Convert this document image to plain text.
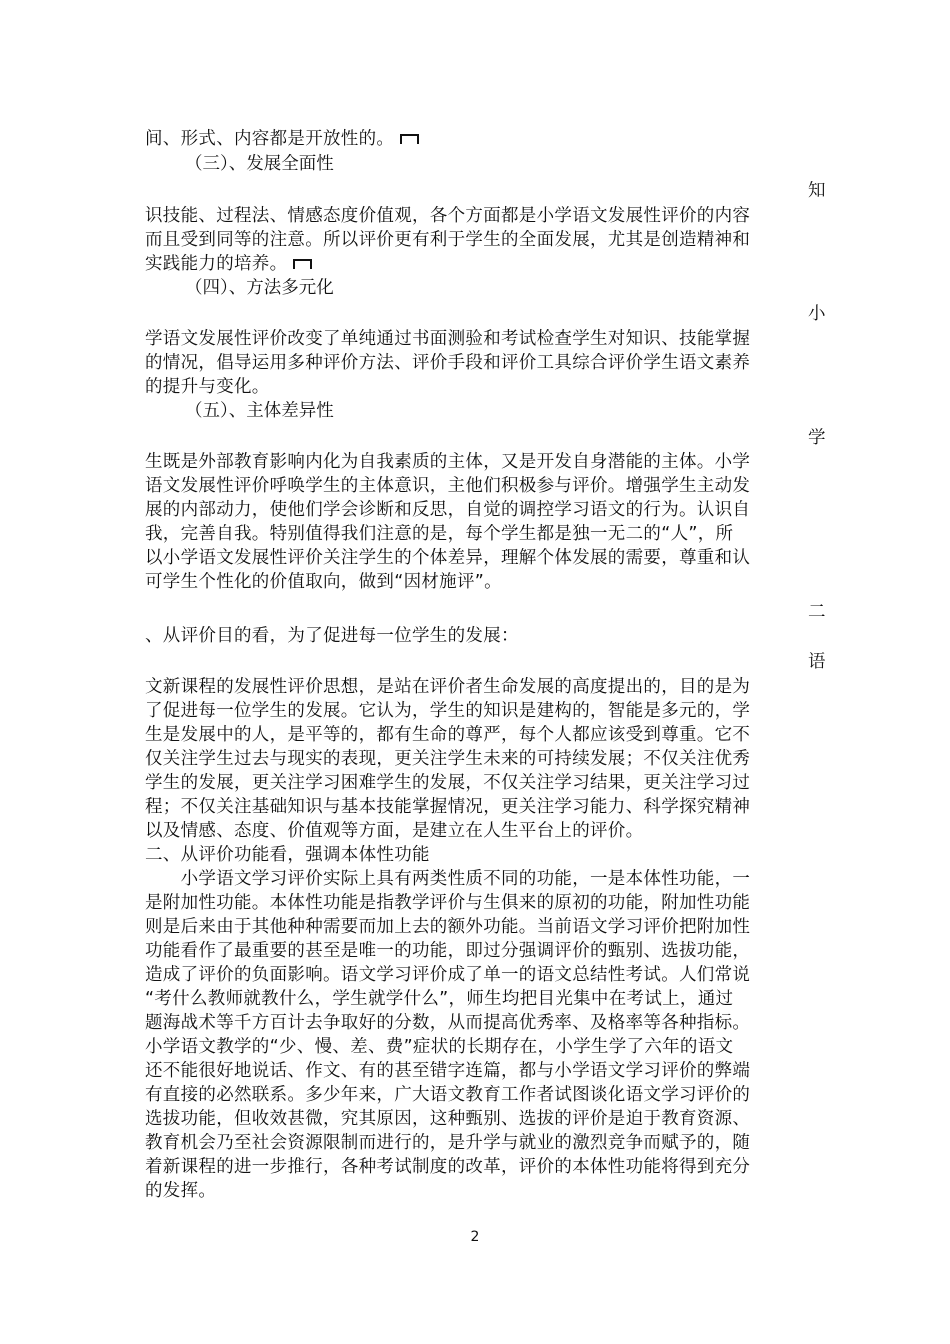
间、形式、内容都是开放性的。
（三）、发展全面性
知
识技能、过程法、情感态度价值观，各个方面都是小学语文发展性评价的内容
而且受到同等的注意。所以评价更有利于学生的全面发展，尤其是创造精神和
实践能力的培养。
（四）、方法多元化
小
学语文发展性评价改变了单纯通过书面测验和考试检查学生对知识、技能掌握
的情况，倡导运用多种评价方法、评价手段和评价工具综合评价学生语文素养
的提升与变化。
（五）、主体差异性
学
生既是外部教育影响内化为自我素质的主体，又是开发自身潜能的主体。小学
语文发展性评价呼唤学生的主体意识，主他们积极参与评价。增强学生主动发
展的内部动力，使他们学会诊断和反思，自觉的调控学习语文的行为。认识自
我，完善自我。特别值得我们注意的是，每个学生都是独一无二的“人”，所
以小学语文发展性评价关注学生的个体差异，理解个体发展的需要，尊重和认
可学生个性化的价值取向，做到“因材施评”。
二
、从评价目的看，为了促进每一位学生的发展：
语
文新课程的发展性评价思想，是站在评价者生命发展的高度提出的，目的是为
了促进每一位学生的发展。它认为，学生的知识是建构的，智能是多元的，学
生是发展中的人，是平等的，都有生命的尊严，每个人都应该受到尊重。它不
仅关注学生过去与现实的表现，更关注学生未来的可持续发展；不仅关注优秀
学生的发展，更关注学习困难学生的发展，不仅关注学习结果，更关注学习过
程；不仅关注基础知识与基本技能掌握情况，更关注学习能力、科学探究精神
以及情感、态度、价值观等方面，是建立在人生平台上的评价。
二、从评价功能看，强调本体性功能
　　小学语文学习评价实际上具有两类性质不同的功能，一是本体性功能，一
是附加性功能。本体性功能是指教学评价与生俱来的原初的功能，附加性功能
则是后来由于其他种种需要而加上去的额外功能。当前语文学习评价把附加性
功能看作了最重要的甚至是唯一的功能，即过分强调评价的甄别、选拔功能，
造成了评价的负面影响。语文学习评价成了单一的语文总结性考试。人们常说
“考什么教师就教什么，学生就学什么”，师生均把目光集中在考试上，通过
题海战术等千方百计去争取好的分数，从而提高优秀率、及格率等各种指标。
小学语文教学的“少、慢、差、费”症状的长期存在，小学生学了六年的语文
还不能很好地说话、作文、有的甚至错字连篇，都与小学语文学习评价的弊端
有直接的必然联系。多少年来，广大语文教育工作者试图谈化语文学习评价的
选拔功能，但收效甚微，究其原因，这种甄别、选拔的评价是迫于教育资源、
教育机会乃至社会资源限制而进行的，是升学与就业的激烈竞争而赋予的，随
着新课程的进一步推行，各种考试制度的改革，评价的本体性功能将得到充分
的发挥。
2
